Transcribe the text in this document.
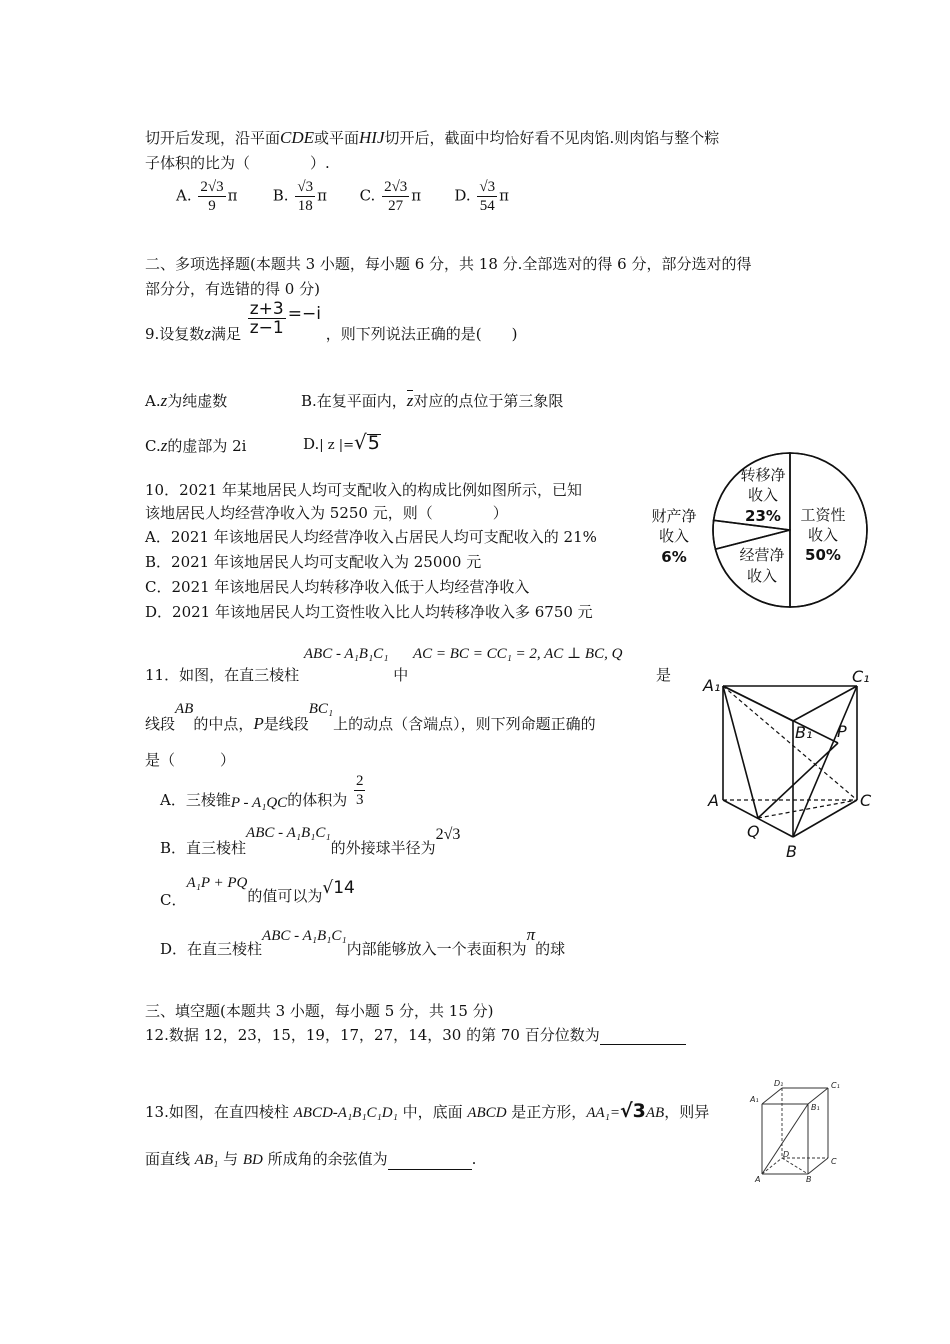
切开后发现，沿平面CDE或平面HIJ切开后，截面中均恰好看不见肉馅.则肉馅与整个粽
子体积的比为（　　　　）.
A. $\frac{2√3}{9}$ π B. $\frac{√3}{18}$ π C. $\frac{2√3}{27}$ π D. $\frac{√3}{54}$ π
二、多项选择题(本题共 3 小题，每小题 6 分，共 18 分.全部选对的得 6 分，部分选对的得
部分分，有选错的得 0 分)
9.设复数z满足 $\frac{z+3}{z-1} =-i$ ，则下列说法正确的是(　　)
A.z为纯虚数	B.在复平面内，z对应的点位于第三象限
C.z的虚部为 2i	D.| z |=√5
10．2021 年某地居民人均可支配收入的构成比例如图所示，已知
该地居民人均经营净收入为 5250 元，则（　　　　）
A．2021 年该地居民人均经营净收入占居民人均可支配收入的 21%
B．2021 年该地居民人均可支配收入为 25000 元
C．2021 年该地居民人均转移净收入低于人均经营净收入
D．2021 年该地居民人均工资性收入比人均转移净收入多 6750 元
工资性
收入
50%
转移净
收入
23%
财产净
收入
6%	经营净
收入
11．如图，在直三棱柱 ABC - A₁B₁C₁ 中 AC = BC = CC₁ = 2, AC ⊥ BC, Q
是
线段AB的中点，P是线段BC₁上的动点（含端点），则下列命题正确的
是（　　　）
A．三棱锥P - A₁QC的体积为 $\frac{2}{3}$
B．直三棱柱ABC - A₁B₁C₁的外接球半径为2√3
C．A₁P + PQ的值可以为√14
D．在直三棱柱ABC - A₁B₁C₁内部能够放入一个表面积为π的球
A₁	C₁
B₁ P
A	C
Q
B
三、填空题(本题共 3 小题，每小题 5 分，共 15 分)
12.数据 12，23，15，19，17，27，14，30 的第 70 百分位数为
13.如图，在直四棱柱 ABCD-A₁B₁C₁D₁ 中，底面 ABCD 是正方形，AA₁=√3AB，则异
面直线 AB₁ 与 BD 所成角的余弦值为	.
D₁	C₁
A₁
B₁
D
C
A	B
